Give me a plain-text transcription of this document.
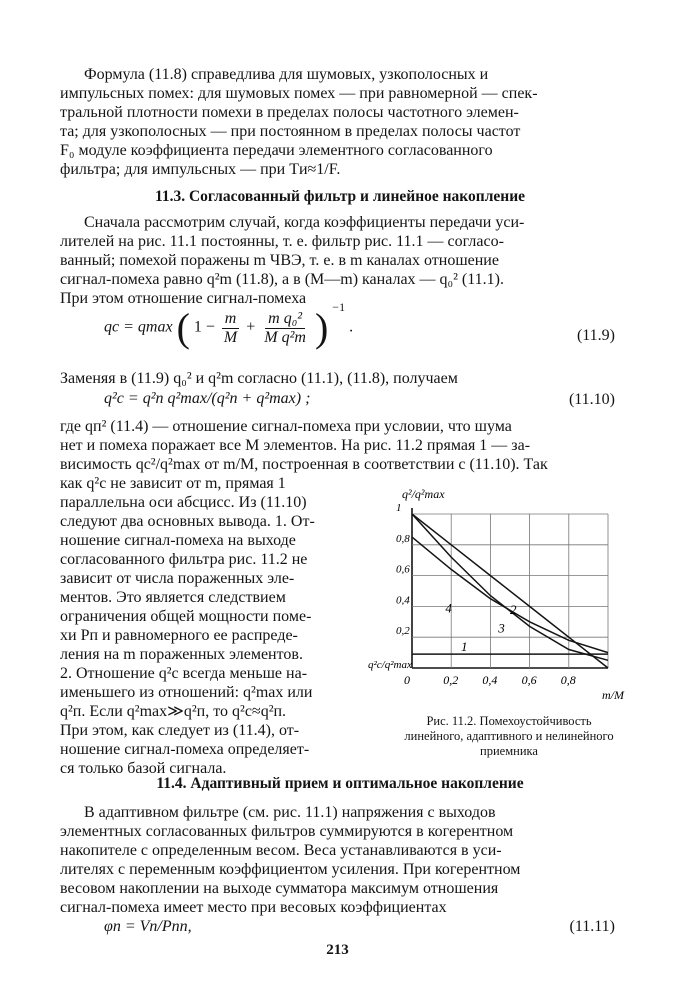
Формула (11.8) справедлива для шумовых, узкополосных и
импульсных помех: для шумовых помех — при равномерной — спек-
тральной плотности помехи в пределах полосы частотного элемен-
та; для узкополосных — при постоянном в пределах полосы частот
F₀ модуле коэффициента передачи элементного согласованного
фильтра; для импульсных — при Tи≈1/F.
11.3. Согласованный фильтр и линейное накопление
Сначала рассмотрим случай, когда коэффициенты передачи уси-
лителей на рис. 11.1 постоянны, т. е. фильтр рис. 11.1 — согласо-
ванный; помехой поражены m ЧВЭ, т. е. в m каналах отношение
сигнал-помеха равно q²m (11.8), а в (M—m) каналах — q₀² (11.1).
При этом отношение сигнал-помеха
qс = qmax ( $1 - \frac{m}{M} + \frac{\text{m q₀²}}{\text{M q²m}}$ ) $^{-1}$ .	(11.9)
Заменяя в (11.9) q₀² и q²m согласно (11.1), (11.8), получаем
q²с = q²п q²max/(q²п + q²max) ;	(11.10)
где qп² (11.4) — отношение сигнал-помеха при условии, что шума
нет и помеха поражает все M элементов. На рис. 11.2 прямая 1 — за-
висимость qс²/q²max от m/M, построенная в соответствии с (11.10). Так
как q²с не зависит от m, прямая 1
параллельна оси абсцисс. Из (11.10)
следуют два основных вывода. 1. От-
ношение сигнал-помеха на выходе
согласованного фильтра рис. 11.2 не
зависит от числа пораженных эле-
ментов. Это является следствием
ограничения общей мощности поме-
хи Pп и равномерного ее распреде-
ления на m пораженных элементов.
2. Отношение q²с всегда меньше на-
именьшего из отношений: q²max или
q²п. Если q²max≫q²п, то q²с≈q²п.
При этом, как следует из (11.4), от-
ношение сигнал-помеха определяет-
ся только базой сигнала.
0	0,2 0,4 0,6 0,8
0,2
0,4
0,6
0,8
1
1
2
3
4
q²/q²max
q²с/q²max
m/M
Рис. 11.2. Помехоустойчивость линейного, адаптивного и нелинейного приемника
11.4. Адаптивный прием и оптимальное накопление
В адаптивном фильтре (см. рис. 11.1) напряжения с выходов
элементных согласованных фильтров суммируются в когерентном
накопителе с определенным весом. Веса устанавливаются в уси-
лителях с переменным коэффициентом усиления. При когерентном
весовом накоплении на выходе сумматора максимум отношения
сигнал-помеха имеет место при весовых коэффициентах
φn = Vn/Pпn,	(11.11)
213
